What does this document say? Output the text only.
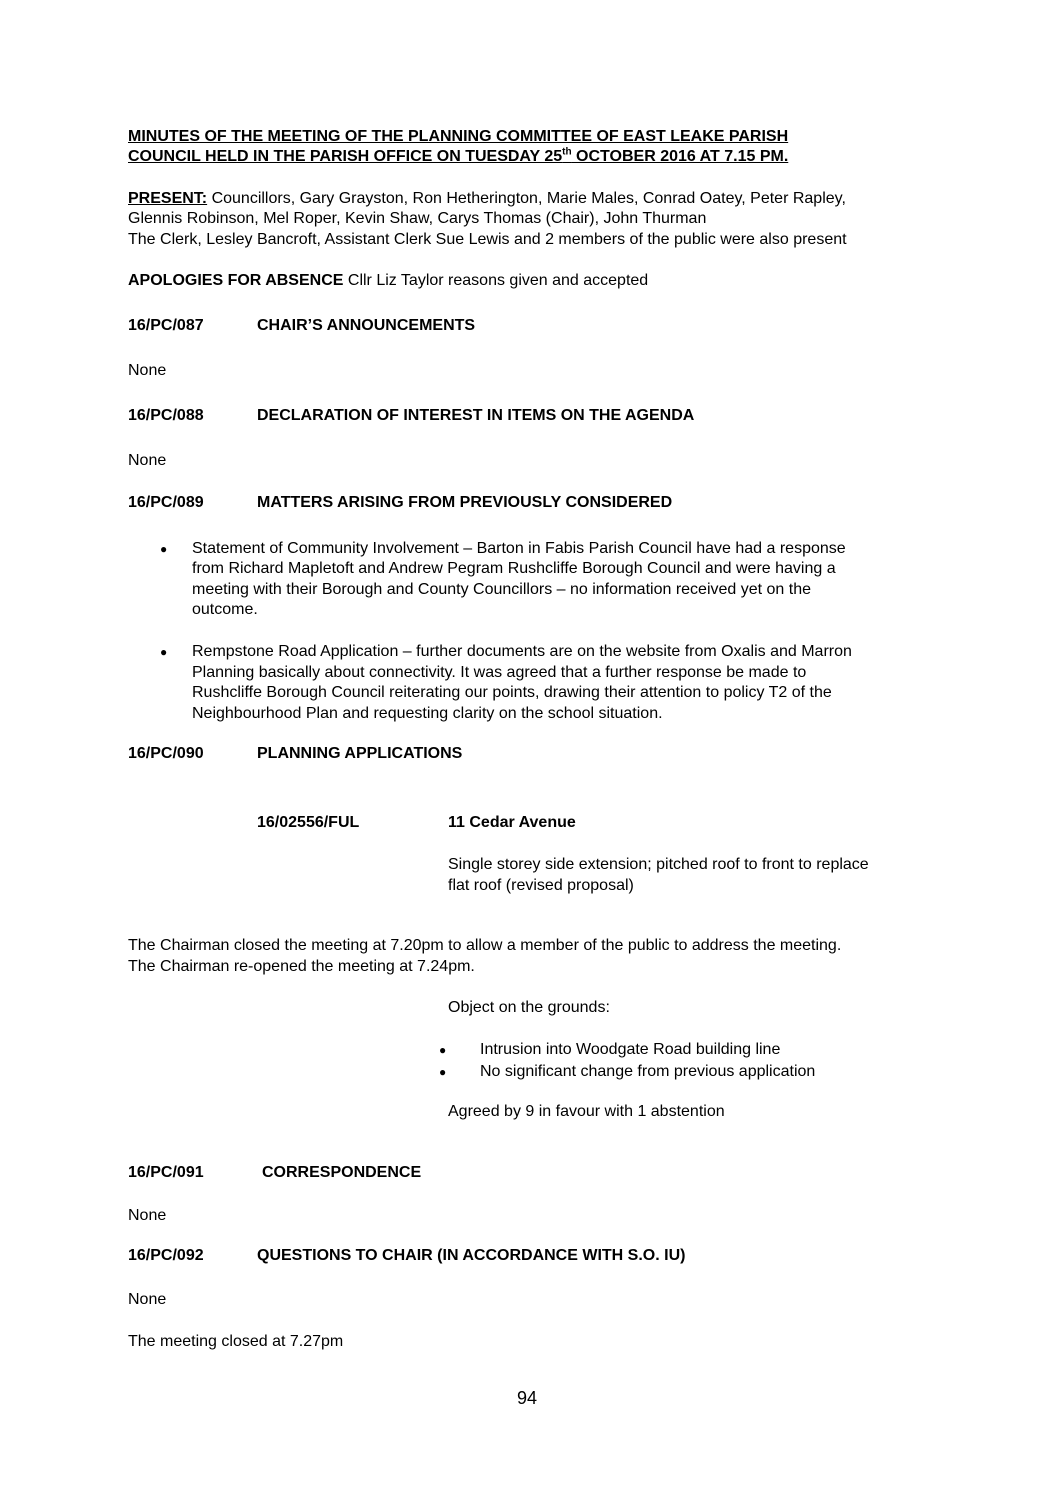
MINUTES OF THE MEETING OF THE PLANNING COMMITTEE OF EAST LEAKE PARISH
COUNCIL HELD IN THE PARISH OFFICE ON TUESDAY 25th OCTOBER 2016 AT 7.15 PM.
PRESENT: Councillors, Gary Grayston, Ron Hetherington, Marie Males, Conrad Oatey, Peter Rapley,
Glennis Robinson, Mel Roper, Kevin Shaw, Carys Thomas (Chair), John Thurman
The Clerk, Lesley Bancroft, Assistant Clerk Sue Lewis and 2 members of the public were also present
APOLOGIES FOR ABSENCE Cllr Liz Taylor reasons given and accepted
16/PC/087	CHAIR’S ANNOUNCEMENTS
None
16/PC/088	DECLARATION OF INTEREST IN ITEMS ON THE AGENDA
None
16/PC/089	MATTERS ARISING FROM PREVIOUSLY CONSIDERED
● Statement of Community Involvement – Barton in Fabis Parish Council have had a response
from Richard Mapletoft and Andrew Pegram Rushcliffe Borough Council and were having a
meeting with their Borough and County Councillors – no information received yet on the
outcome.
● Rempstone Road Application – further documents are on the website from Oxalis and Marron
Planning basically about connectivity. It was agreed that a further response be made to
Rushcliffe Borough Council reiterating our points, drawing their attention to policy T2 of the
Neighbourhood Plan and requesting clarity on the school situation.
16/PC/090	PLANNING APPLICATIONS
16/02556/FUL	11 Cedar Avenue
Single storey side extension; pitched roof to front to replace
flat roof (revised proposal)
The Chairman closed the meeting at 7.20pm to allow a member of the public to address the meeting.
The Chairman re-opened the meeting at 7.24pm.
Object on the grounds:
● Intrusion into Woodgate Road building line
● No significant change from previous application
Agreed by 9 in favour with 1 abstention
16/PC/091	CORRESPONDENCE
None
16/PC/092	QUESTIONS TO CHAIR (IN ACCORDANCE WITH S.O. IU)
None
The meeting closed at 7.27pm
94
